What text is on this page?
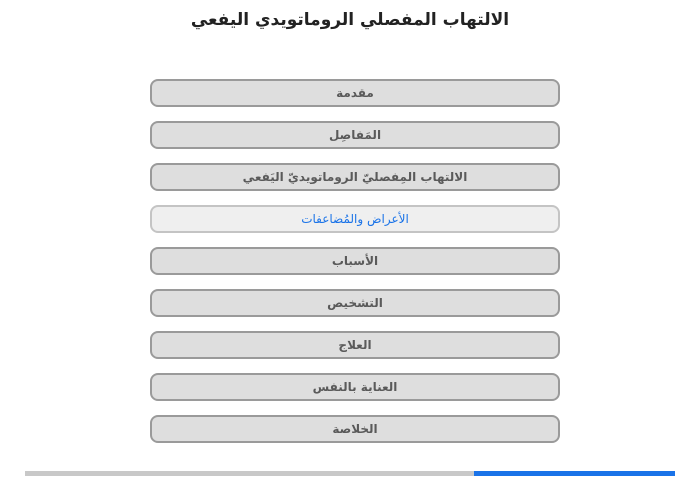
الالتهاب المفصلي الروماتويدي اليفعي
مقدمة
المَفاصِل
الالتهاب المِفصليّ الروماتويديّ اليَفعي
الأعراض والمُضاعفات
الأسباب
التشخيص
العلاج
العناية بالنفس
الخلاصة
